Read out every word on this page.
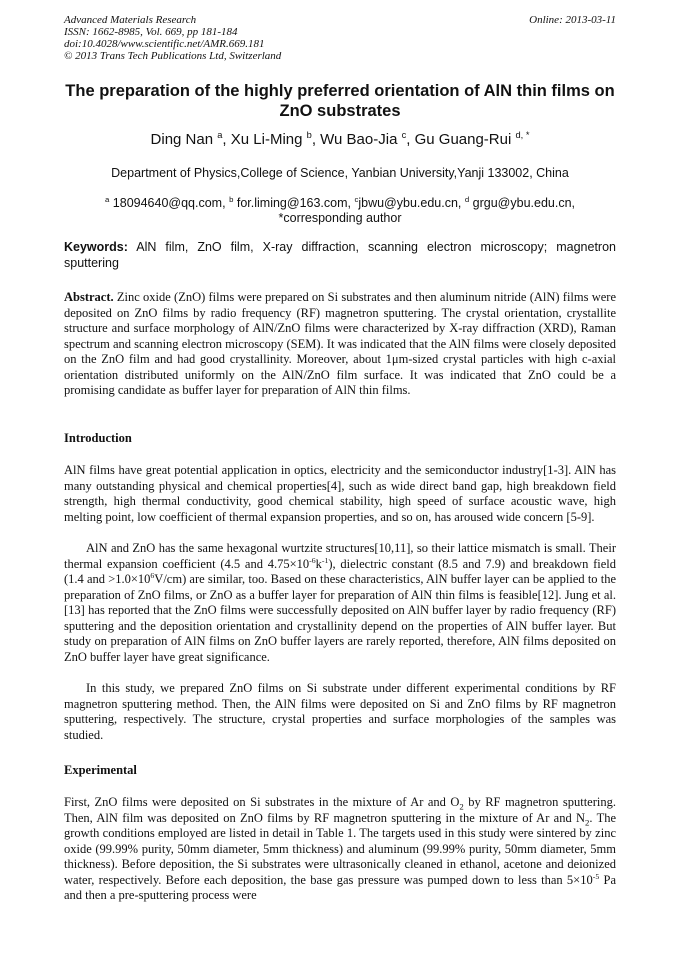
Advanced Materials Research
ISSN: 1662-8985, Vol. 669, pp 181-184
doi:10.4028/www.scientific.net/AMR.669.181
© 2013 Trans Tech Publications Ltd, Switzerland
Online: 2013-03-11
The preparation of the highly preferred orientation of AlN thin films on ZnO substrates
Ding Nan $^a$, Xu Li-Ming $^b$, Wu Bao-Jia $^c$, Gu Guang-Rui $^{d, *}$
Department of Physics,College of Science, Yanbian University,Yanji 133002, China
$^a$ 18094640@qq.com, $^b$ for.liming@163.com, $^c$jbwu@ybu.edu.cn, $^d$ grgu@ybu.edu.cn,
*corresponding author
Keywords: AlN film, ZnO film, X-ray diffraction, scanning electron microscopy; magnetron sputtering

Abstract. Zinc oxide (ZnO) films were prepared on Si substrates and then aluminum nitride (AlN) films were deposited on ZnO films by radio frequency (RF) magnetron sputtering. The crystal orientation, crystallite structure and surface morphology of AlN/ZnO films were characterized by X-ray diffraction (XRD), Raman spectrum and scanning electron microscopy (SEM). It was indicated that the AlN films were closely deposited on the ZnO film and had good crystallinity. Moreover, about 1μm-sized crystal particles with high c-axial orientation distributed uniformly on the AlN/ZnO film surface. It was indicated that ZnO could be a promising candidate as buffer layer for preparation of AlN thin films.

Introduction

AlN films have great potential application in optics, electricity and the semiconductor industry[1-3]. AlN has many outstanding physical and chemical properties[4], such as wide direct band gap, high breakdown field strength, high thermal conductivity, good chemical stability, high speed of surface acoustic wave, high melting point, low coefficient of thermal expansion properties, and so on, has aroused wide concern [5-9].

AlN and ZnO has the same hexagonal wurtzite structures[10,11], so their lattice mismatch is small. Their thermal expansion coefficient (4.5 and $4.75\times 10^{-6}k^{-1}$), dielectric constant (8.5 and 7.9) and breakdown field (1.4 and $>1.0\times 10^6V/cm$) are similar, too. Based on these characteristics, AlN buffer layer can be applied to the preparation of ZnO films, or ZnO as a buffer layer for preparation of AlN thin films is feasible[12]. Jung et al.[13] has reported that the ZnO films were successfully deposited on AlN buffer layer by radio frequency (RF) sputtering and the deposition orientation and crystallinity depend on the properties of AlN buffer layer. But study on preparation of AlN films on ZnO buffer layers are rarely reported, therefore, AlN films deposited on ZnO buffer layer have great significance.

In this study, we prepared ZnO films on Si substrate under different experimental conditions by RF magnetron sputtering method. Then, the AlN films were deposited on Si and ZnO films by RF magnetron sputtering, respectively. The structure, crystal properties and surface morphologies of the samples was studied.

Experimental

First, ZnO films were deposited on Si substrates in the mixture of Ar and $O_2$ by RF magnetron sputtering. Then, AlN film was deposited on ZnO films by RF magnetron sputtering in the mixture of Ar and $N_2$. The growth conditions employed are listed in detail in Table 1. The targets used in this study were sintered by zinc oxide (99.99% purity, 50mm diameter, 5mm thickness) and aluminum (99.99% purity, 50mm diameter, 5mm thickness). Before deposition, the Si substrates were ultrasonically cleaned in ethanol, acetone and deionized water, respectively. Before each deposition, the base gas pressure was pumped down to less than $5\times 10^{-5}$ Pa and then a pre-sputtering process were
